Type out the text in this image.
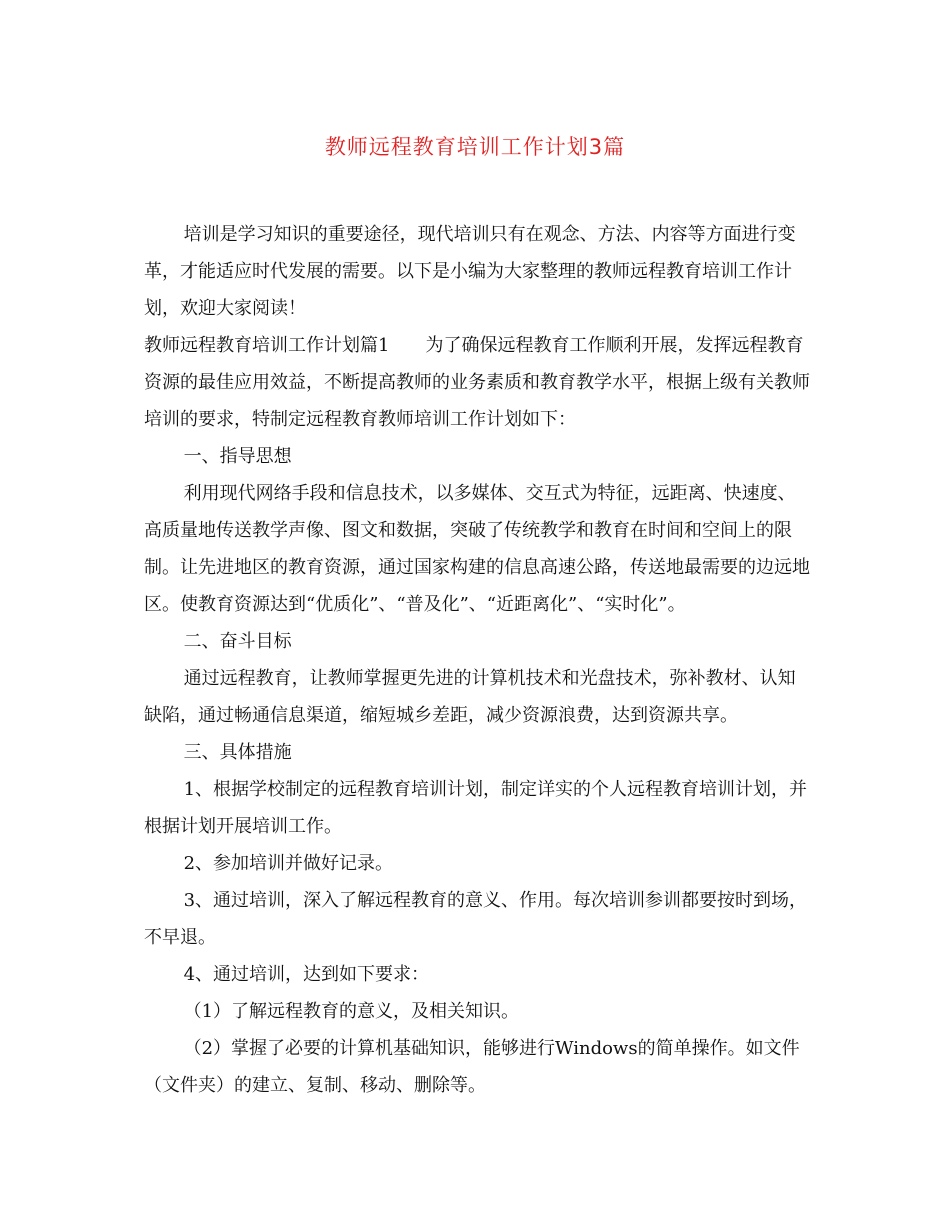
教师远程教育培训工作计划3篇

培训是学习知识的重要途径，现代培训只有在观念、方法、内容等方面进行变革，才能适应时代发展的需要。以下是小编为大家整理的教师远程教育培训工作计划，欢迎大家阅读！

教师远程教育培训工作计划篇1 为了确保远程教育工作顺利开展，发挥远程教育资源的最佳应用效益，不断提高教师的业务素质和教育教学水平，根据上级有关教师培训的要求，特制定远程教育教师培训工作计划如下：

一、指导思想

利用现代网络手段和信息技术，以多媒体、交互式为特征，远距离、快速度、高质量地传送教学声像、图文和数据，突破了传统教学和教育在时间和空间上的限制。让先进地区的教育资源，通过国家构建的信息高速公路，传送地最需要的边远地区。使教育资源达到“优质化”、“普及化”、“近距离化”、“实时化”。

二、奋斗目标

通过远程教育，让教师掌握更先进的计算机技术和光盘技术，弥补教材、认知缺陷，通过畅通信息渠道，缩短城乡差距，减少资源浪费，达到资源共享。

三、具体措施

1、根据学校制定的远程教育培训计划，制定详实的个人远程教育培训计划，并根据计划开展培训工作。

2、参加培训并做好记录。

3、通过培训，深入了解远程教育的意义、作用。每次培训参训都要按时到场，不早退。

4、通过培训，达到如下要求：

（1）了解远程教育的意义，及相关知识。

（2）掌握了必要的计算机基础知识，能够进行Windows的简单操作。如文件（文件夹）的建立、复制、移动、删除等。
